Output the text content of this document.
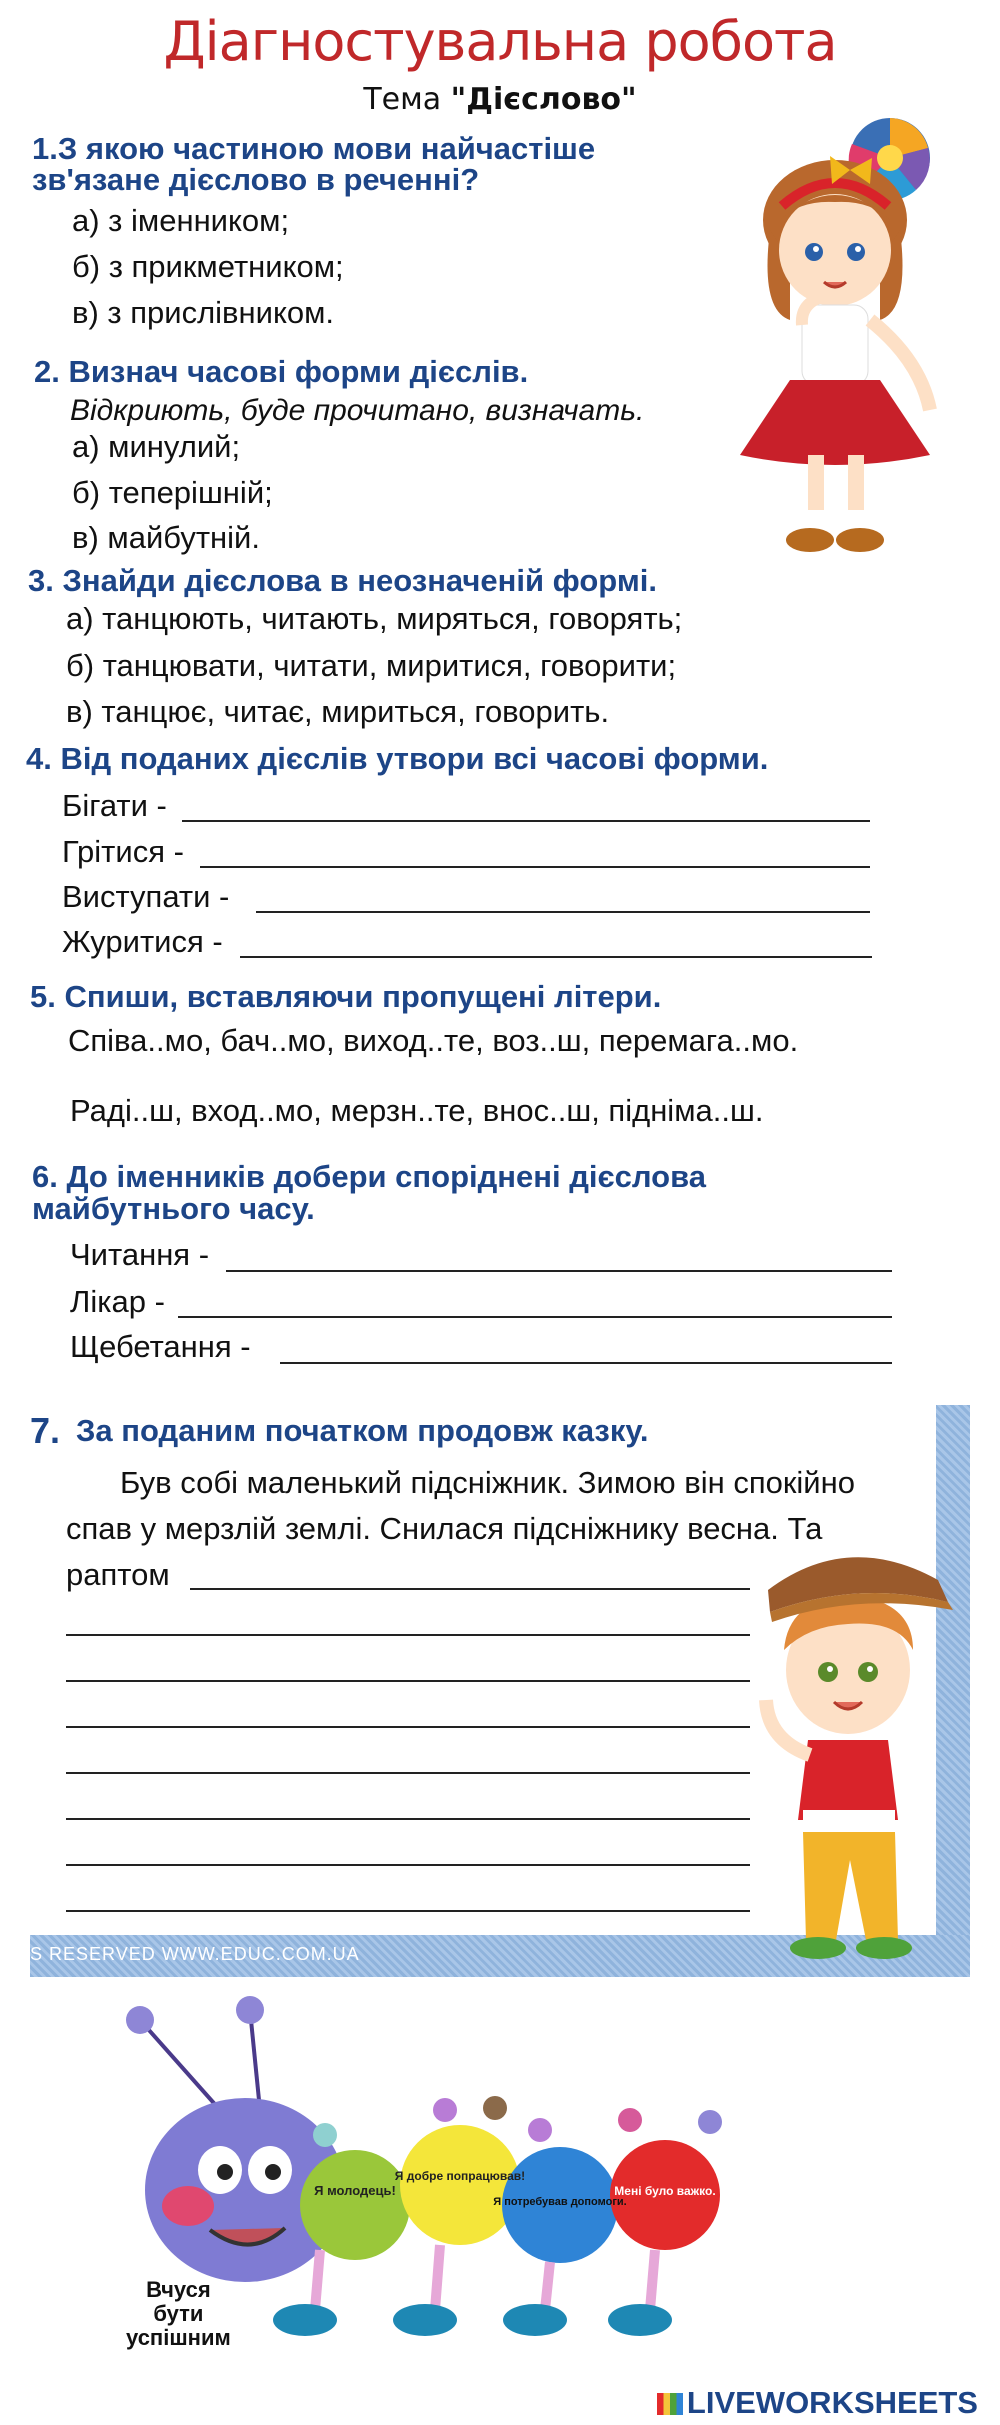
Діагностувальна робота
Тема "Дієслово"
1.З якою частиною мови найчастіше
зв'язане дієслово в реченні?
а) з іменником;
б) з прикметником;
в) з прислівником.
2. Визнач часові форми дієслів.
Відкриють, буде прочитано, визначать.
а) минулий;
б) теперішній;
в) майбутній.
3. Знайди дієслова в неозначеній формі.
а) танцюють, читають, миряться, говорять;
б) танцювати, читати, миритися, говорити;
в) танцює, читає, мириться, говорить.
4. Від поданих дієслів утвори всі часові форми.
Бігати -
Грітися -
Виступати -
Журитися -
5. Спиши, вставляючи пропущені літери.
Співа..мо, бач..мо, виход..те, воз..ш, перемага..мо.
Раді..ш, вход..мо, мерзн..те, внос..ш, підніма..ш.
6. До іменників добери споріднені дієслова
майбутнього часу.
Читання -
Лікар -
Щебетання -
7. За поданим початком продовж казку.
Був собі маленький підсніжник. Зимою він спокійно
спав у мерзлій землі. Снилася підсніжнику весна. Та
раптом
S RESERVED WWW.EDUC.COM.UA
Я молодець!
Я добре попрацював!
Я потребував допомоги.
Мені було важко.
Вчуся
бути
успішним
LIVEWORKSHEETS
